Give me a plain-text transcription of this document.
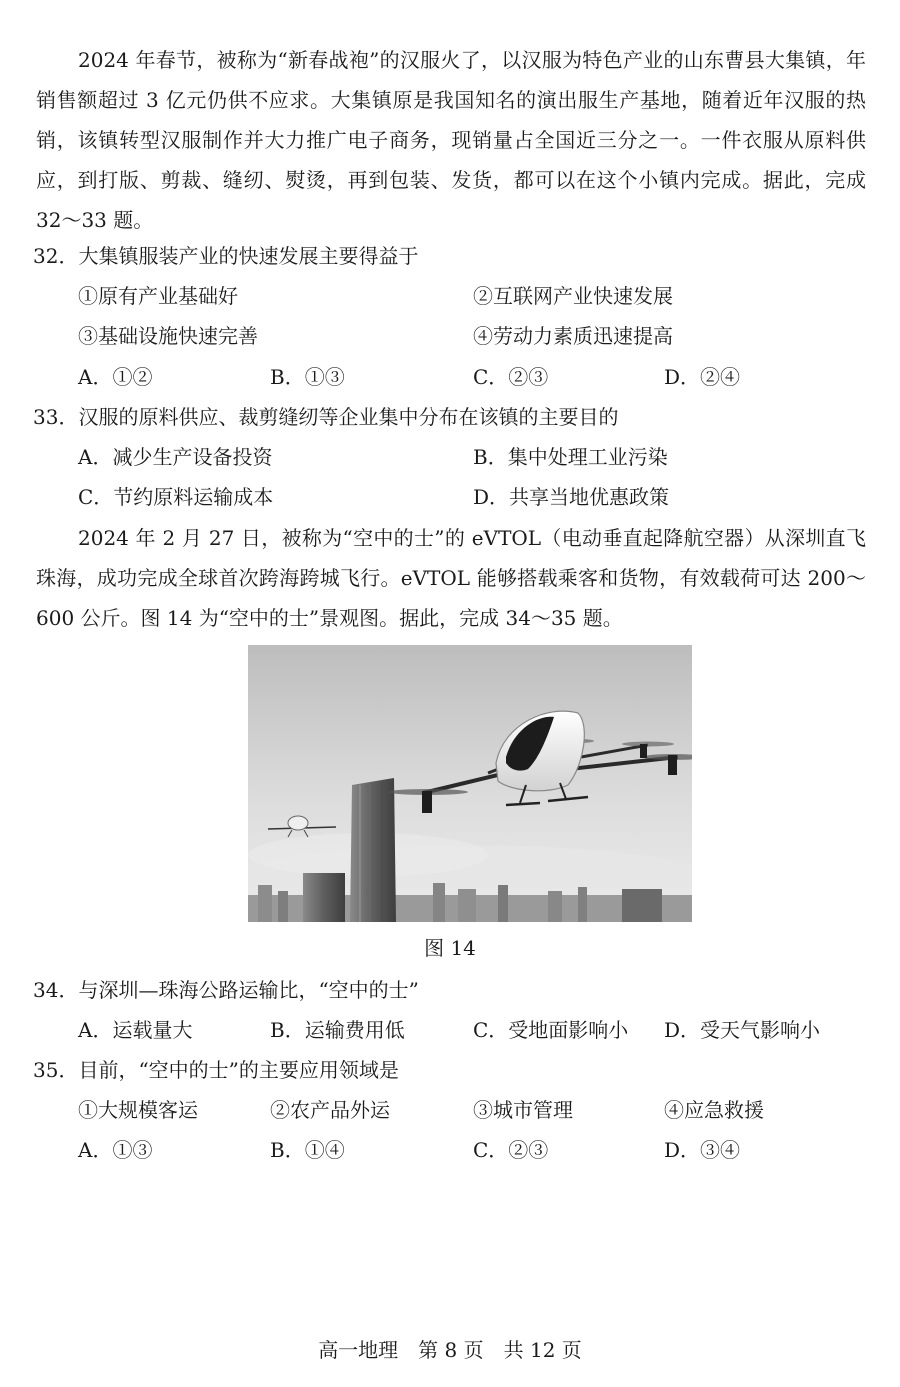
2024 年春节，被称为“新春战袍”的汉服火了，以汉服为特色产业的山东曹县大集镇，年销售额超过 3 亿元仍供不应求。大集镇原是我国知名的演出服生产基地，随着近年汉服的热销，该镇转型汉服制作并大力推广电子商务，现销量占全国近三分之一。一件衣服从原料供应，到打版、剪裁、缝纫、熨烫，再到包装、发货，都可以在这个小镇内完成。据此，完成 32～33 题。

32．大集镇服装产业的快速发展主要得益于

①原有产业基础好	②互联网产业快速发展
③基础设施快速完善	④劳动力素质迅速提高
A．①②	B．①③	C．②③	D．②④

33．汉服的原料供应、裁剪缝纫等企业集中分布在该镇的主要目的

A．减少生产设备投资	B．集中处理工业污染
C．节约原料运输成本	D．共享当地优惠政策

2024 年 2 月 27 日，被称为“空中的士”的 eVTOL（电动垂直起降航空器）从深圳直飞珠海，成功完成全球首次跨海跨城飞行。eVTOL 能够搭载乘客和货物，有效载荷可达 200～600 公斤。图 14 为“空中的士”景观图。据此，完成 34～35 题。

图 14

34．与深圳—珠海公路运输比，“空中的士”

A．运载量大	B．运输费用低	C．受地面影响小 D．受天气影响小

35．目前，“空中的士”的主要应用领域是

①大规模客运	②农产品外运	③城市管理	④应急救援
A．①③	B．①④	C．②③	D．③④
高一地理　第 8 页　共 12 页
